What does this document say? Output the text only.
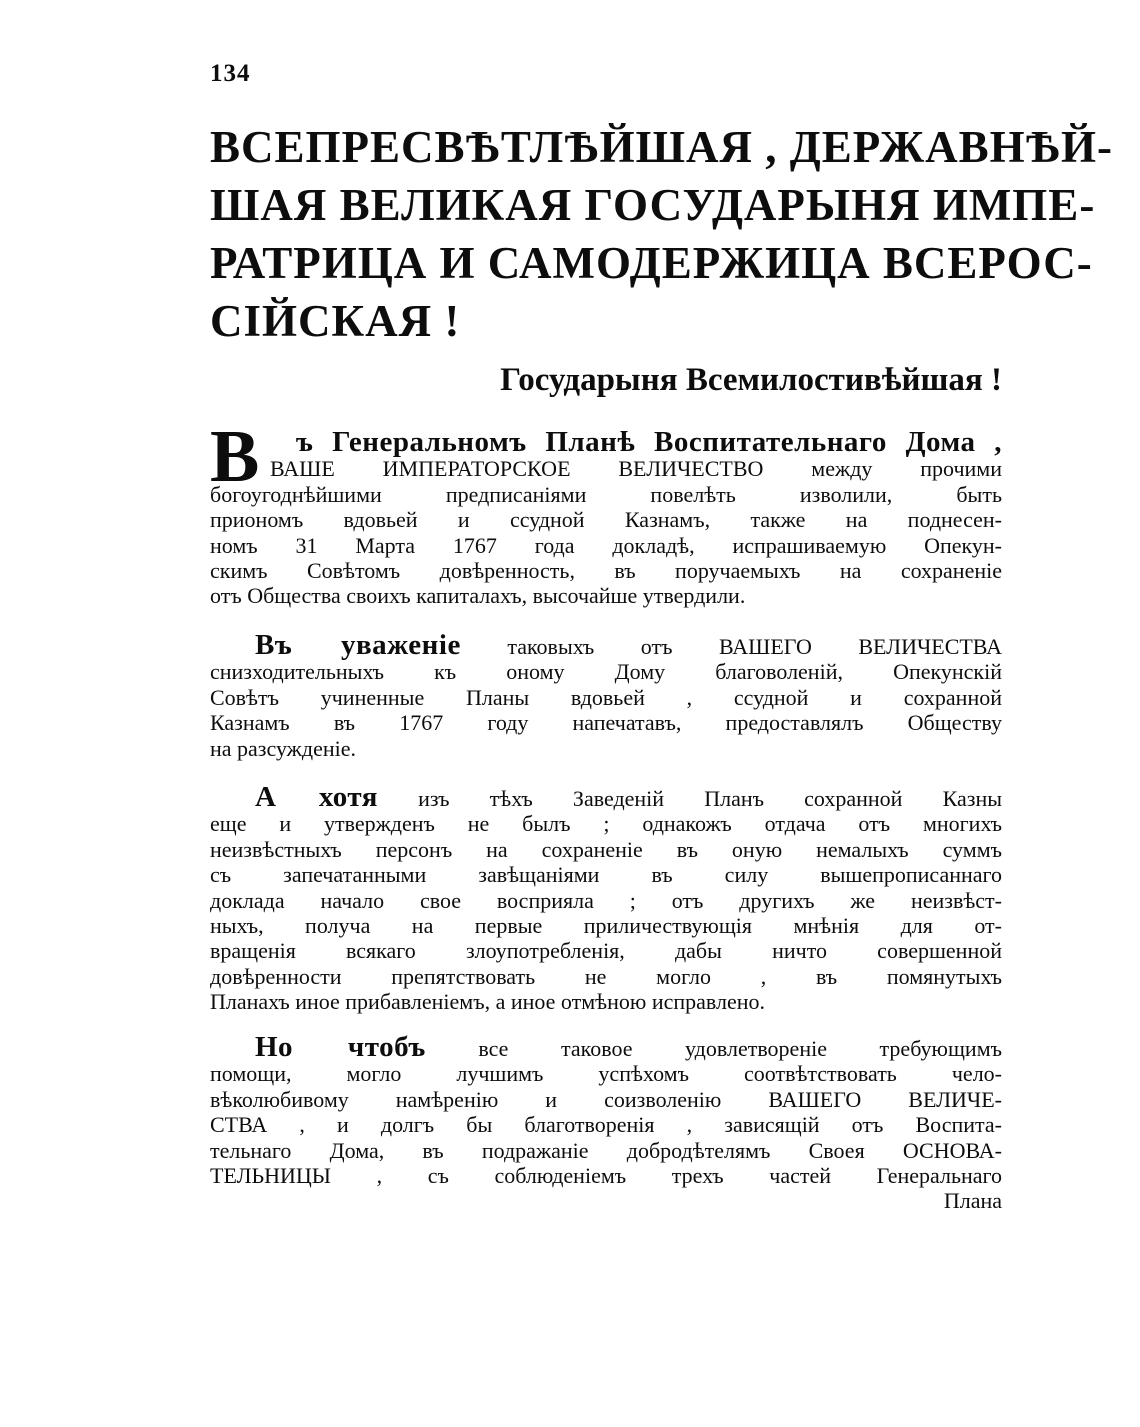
134
ВСЕПРЕСВѢТЛѢЙШАЯ , ДЕРЖАВНѢЙ-
ШАЯ ВЕЛИКАЯ ГОСУДАРЫНЯ ИМПЕ-
РАТРИЦА И САМОДЕРЖИЦА ВСЕРОС-
СІЙСКАЯ !
Государыня Всемилостивѣйшая !
В	ъ Генеральномъ Планѣ Воспитательнаго Дома ,
ВАШЕ ИМПЕРАТОРСКОЕ ВЕЛИЧЕСТВО между прочими
богоугоднѣйшими предписаніями повелѣть изволили, быть
приономъ вдовьей и ссудной Казнамъ, также на поднесен-
номъ 31 Марта 1767 года докладѣ, испрашиваемую Опекун-
скимъ Совѣтомъ довѣренность, въ поручаемыхъ на сохраненіе
отъ Общества своихъ капиталахъ, высочайше утвердили.
Въ уваженіе таковыхъ отъ ВАШЕГО ВЕЛИЧЕСТВА
снизходительныхъ къ оному Дому благоволеній, Опекунскій
Совѣтъ учиненные Планы вдовьей , ссудной и сохранной
Казнамъ въ 1767 году напечатавъ, предоставлялъ Обществу
на разсужденіе.
А хотя изъ тѣхъ Заведеній Планъ сохранной Казны
еще и утвержденъ не былъ ; однакожъ отдача отъ многихъ
неизвѣстныхъ персонъ на сохраненіе въ оную немалыхъ суммъ
съ запечатанными завѣщаніями въ силу вышепрописаннаго
доклада начало свое восприяла ; отъ другихъ же неизвѣст-
ныхъ, получа на первые приличествующія мнѣнія для от-
вращенія всякаго злоупотребленія, дабы ничто совершенной
довѣренности препятствовать не могло , въ помянутыхъ
Планахъ иное прибавленіемъ, а иное отмѣною исправлено.
Но чтобъ все таковое удовлетвореніе требующимъ
помощи, могло лучшимъ успѣхомъ соотвѣтствовать чело-
вѣколюбивому намѣренію и соизволенію ВАШЕГО ВЕЛИЧЕ-
СТВА , и долгъ бы благотворенія , зависящій отъ Воспита-
тельнаго Дома, въ подражаніе добродѣтелямъ Своея ОСНОВА-
ТЕЛЬНИЦЫ , съ соблюденіемъ трехъ частей Генеральнаго
Плана
